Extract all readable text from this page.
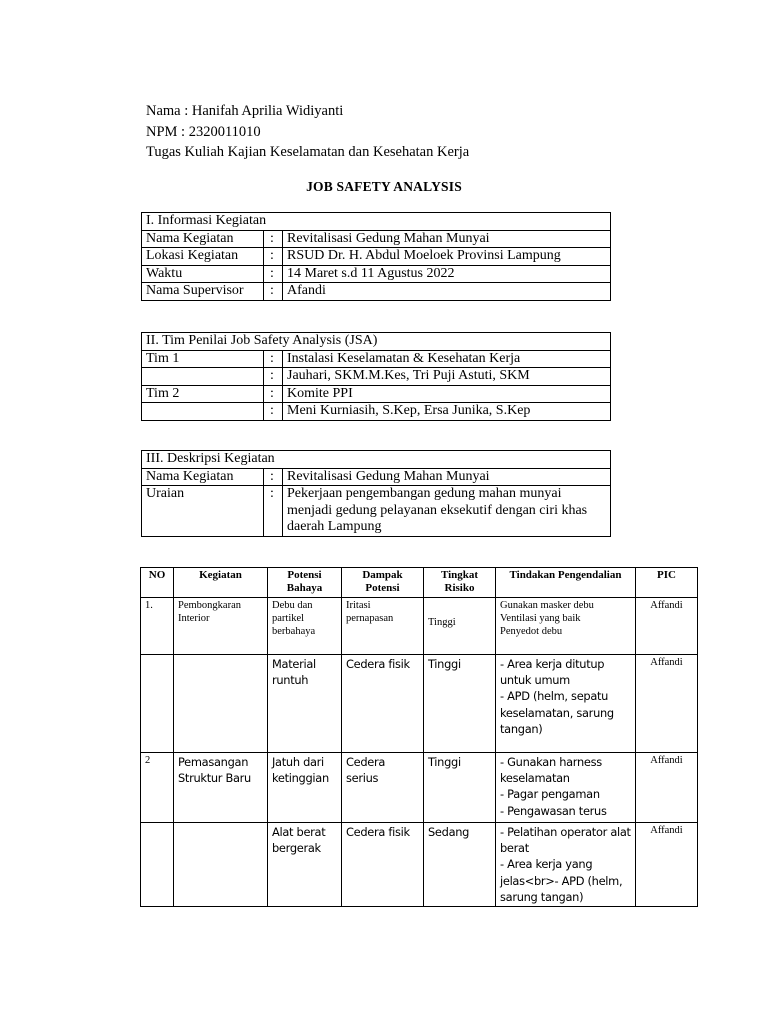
Nama : Hanifah Aprilia Widiyanti
NPM : 2320011010
Tugas Kuliah Kajian Keselamatan dan Kesehatan Kerja
JOB SAFETY ANALYSIS
I. Informasi Kegiatan		
Nama Kegiatan	:	Revitalisasi Gedung Mahan Munyai
Lokasi Kegiatan	:	RSUD Dr. H. Abdul Moeloek Provinsi Lampung
Waktu	:	14 Maret s.d 11 Agustus 2022
Nama Supervisor	:	Afandi
II. Tim Penilai Job Safety Analysis (JSA)		
Tim 1	:	Instalasi Keselamatan & Kesehatan Kerja
	:	Jauhari, SKM.M.Kes, Tri Puji Astuti, SKM
Tim 2	:	Komite PPI
	:	Meni Kurniasih, S.Kep, Ersa Junika, S.Kep
III. Deskripsi Kegiatan		
Nama Kegiatan	:	Revitalisasi Gedung Mahan Munyai
Uraian	:	Pekerjaan pengembangan gedung mahan munyai menjadi gedung pelayanan eksekutif dengan ciri khas daerah Lampung
NO	Kegiatan	Potensi Bahaya	Dampak Potensi	Tingkat Risiko	Tindakan Pengendalian	PIC
1.	Pembongkaran Interior	Debu dan partikel berbahaya	Iritasi pernapasan	Tinggi	Gunakan masker debu
Ventilasi yang baik
Penyedot debu	Affandi
		Material runtuh	Cedera fisik	Tinggi	- Area kerja ditutup untuk umum
- APD (helm, sepatu keselamatan, sarung tangan)	Affandi
2	Pemasangan Struktur Baru	Jatuh dari ketinggian	Cedera serius	Tinggi	- Gunakan harness keselamatan
- Pagar pengaman
- Pengawasan terus	Affandi
		Alat berat bergerak	Cedera fisik	Sedang	- Pelatihan operator alat berat
- Area kerja yang jelas<br>- APD (helm, sarung tangan)	Affandi
